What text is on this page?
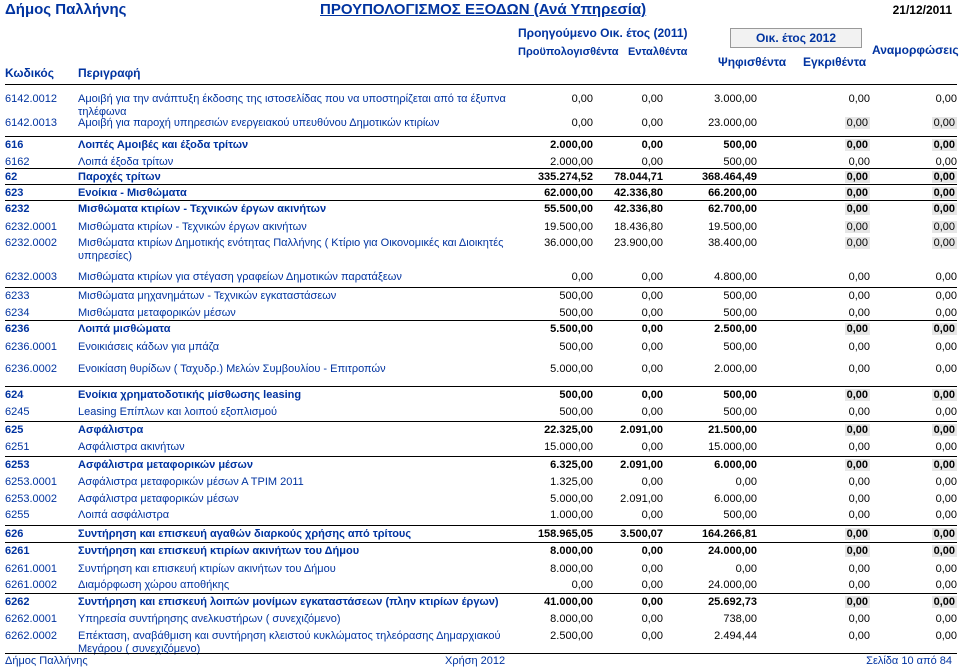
Δήμος Παλλήνης	ΠΡΟΥΠΟΛΟΓΙΣΜΟΣ ΕΞΟΔΩΝ (Ανά Υπηρεσία)	21/12/2011
Προηγούμενο Οικ. έτος (2011)	Οικ. έτος 2012
Κωδικός Περιγραφή
Προϋπολογισθέντα Ενταλθέντα
Ψηφισθέντα Εγκριθέντα
Αναμορφώσεις
6142.0012 Αμοιβή για την ανάπτυξη έκδοσης της ιστοσελίδας που να υποστηρίζεται από τα έξυπνα τηλέφωνα
0,00	0,00	3.000,00	0,00	0,00
6142.0013 Αμοιβή για παροχή υπηρεσιών ενεργειακού υπευθύνου Δημοτικών κτιρίων	0,00	0,00	23.000,00	0,00	0,00
616	Λοιπές Αμοιβές και έξοδα τρίτων	2.000,00	0,00	500,00	0,00	0,00
6162	Λοιπά έξοδα τρίτων	2.000,00	0,00	500,00	0,00	0,00
62	Παροχές τρίτων	335.274,52 78.044,71	368.464,49	0,00	0,00
623	Ενοίκια - Μισθώματα	62.000,00 42.336,80	66.200,00	0,00	0,00
6232	Μισθώματα κτιρίων - Τεχνικών έργων ακινήτων	55.500,00 42.336,80	62.700,00	0,00	0,00
6232.0001 Μισθώματα κτιρίων - Τεχνικών έργων ακινήτων	19.500,00 18.436,80	19.500,00	0,00	0,00
6232.0002 Μισθώματα κτιρίων Δημοτικής ενότητας Παλλήνης ( Κτίριο για Οικονομικές και Διοικητές υπηρεσίες)
36.000,00 23.900,00	38.400,00	0,00	0,00
6232.0003 Μισθώματα κτιρίων για στέγαση γραφείων Δημοτικών παρατάξεων	0,00	0,00	4.800,00	0,00	0,00
6233	Μισθώματα μηχανημάτων - Τεχνικών εγκαταστάσεων	500,00	0,00	500,00	0,00	0,00
6234	Μισθώματα μεταφορικών μέσων	500,00	0,00	500,00	0,00	0,00
6236	Λοιπά μισθώματα	5.500,00	0,00	2.500,00	0,00	0,00
6236.0001 Ενοικιάσεις κάδων για μπάζα	500,00	0,00	500,00	0,00	0,00
6236.0002 Ενοικίαση θυρίδων ( Ταχυδρ.) Μελών Συμβουλίου - Επιτροπών	5.000,00	0,00	2.000,00	0,00	0,00
624	Ενοίκια χρηματοδοτικής μίσθωσης leasing	500,00	0,00	500,00	0,00	0,00
6245	Leasing Επίπλων και λοιπού εξοπλισμού	500,00	0,00	500,00	0,00	0,00
625	Ασφάλιστρα	22.325,00 2.091,00	21.500,00	0,00	0,00
6251	Ασφάλιστρα ακινήτων	15.000,00	0,00	15.000,00	0,00	0,00
6253	Ασφάλιστρα μεταφορικών μέσων	6.325,00 2.091,00	6.000,00	0,00	0,00
6253.0001 Ασφάλιστρα μεταφορικών μέσων Α ΤΡΙΜ 2011	1.325,00	0,00	0,00	0,00	0,00
6253.0002 Ασφάλιστρα μεταφορικών μέσων	5.000,00 2.091,00	6.000,00	0,00	0,00
6255	Λοιπά ασφάλιστρα	1.000,00	0,00	500,00	0,00	0,00
626	Συντήρηση και επισκευή αγαθών διαρκούς χρήσης από τρίτους	158.965,05 3.500,07	164.266,81	0,00	0,00
6261	Συντήρηση και επισκευή κτιρίων ακινήτων του Δήμου	8.000,00	0,00	24.000,00	0,00	0,00
6261.0001 Συντήρηση και επισκευή κτιρίων ακινήτων του Δήμου	8.000,00	0,00	0,00	0,00	0,00
6261.0002 Διαμόρφωση χώρου αποθήκης	0,00	0,00	24.000,00	0,00	0,00
6262	Συντήρηση και επισκευή λοιπών μονίμων εγκαταστάσεων (πλην κτιρίων έργων)	41.000,00	0,00	25.692,73	0,00	0,00
6262.0001 Υπηρεσία συντήρησης ανελκυστήρων ( συνεχιζόμενο)	8.000,00	0,00	738,00	0,00	0,00
6262.0002 Επέκταση, αναβάθμιση και συντήρηση κλειστού κυκλώματος τηλεόρασης Δημαρχιακού Μεγάρου ( συνεχιζόμενο)
2.500,00	0,00	2.494,44	0,00	0,00
Δήμος Παλλήνης	Χρήση 2012	Σελίδα 10 από 84
